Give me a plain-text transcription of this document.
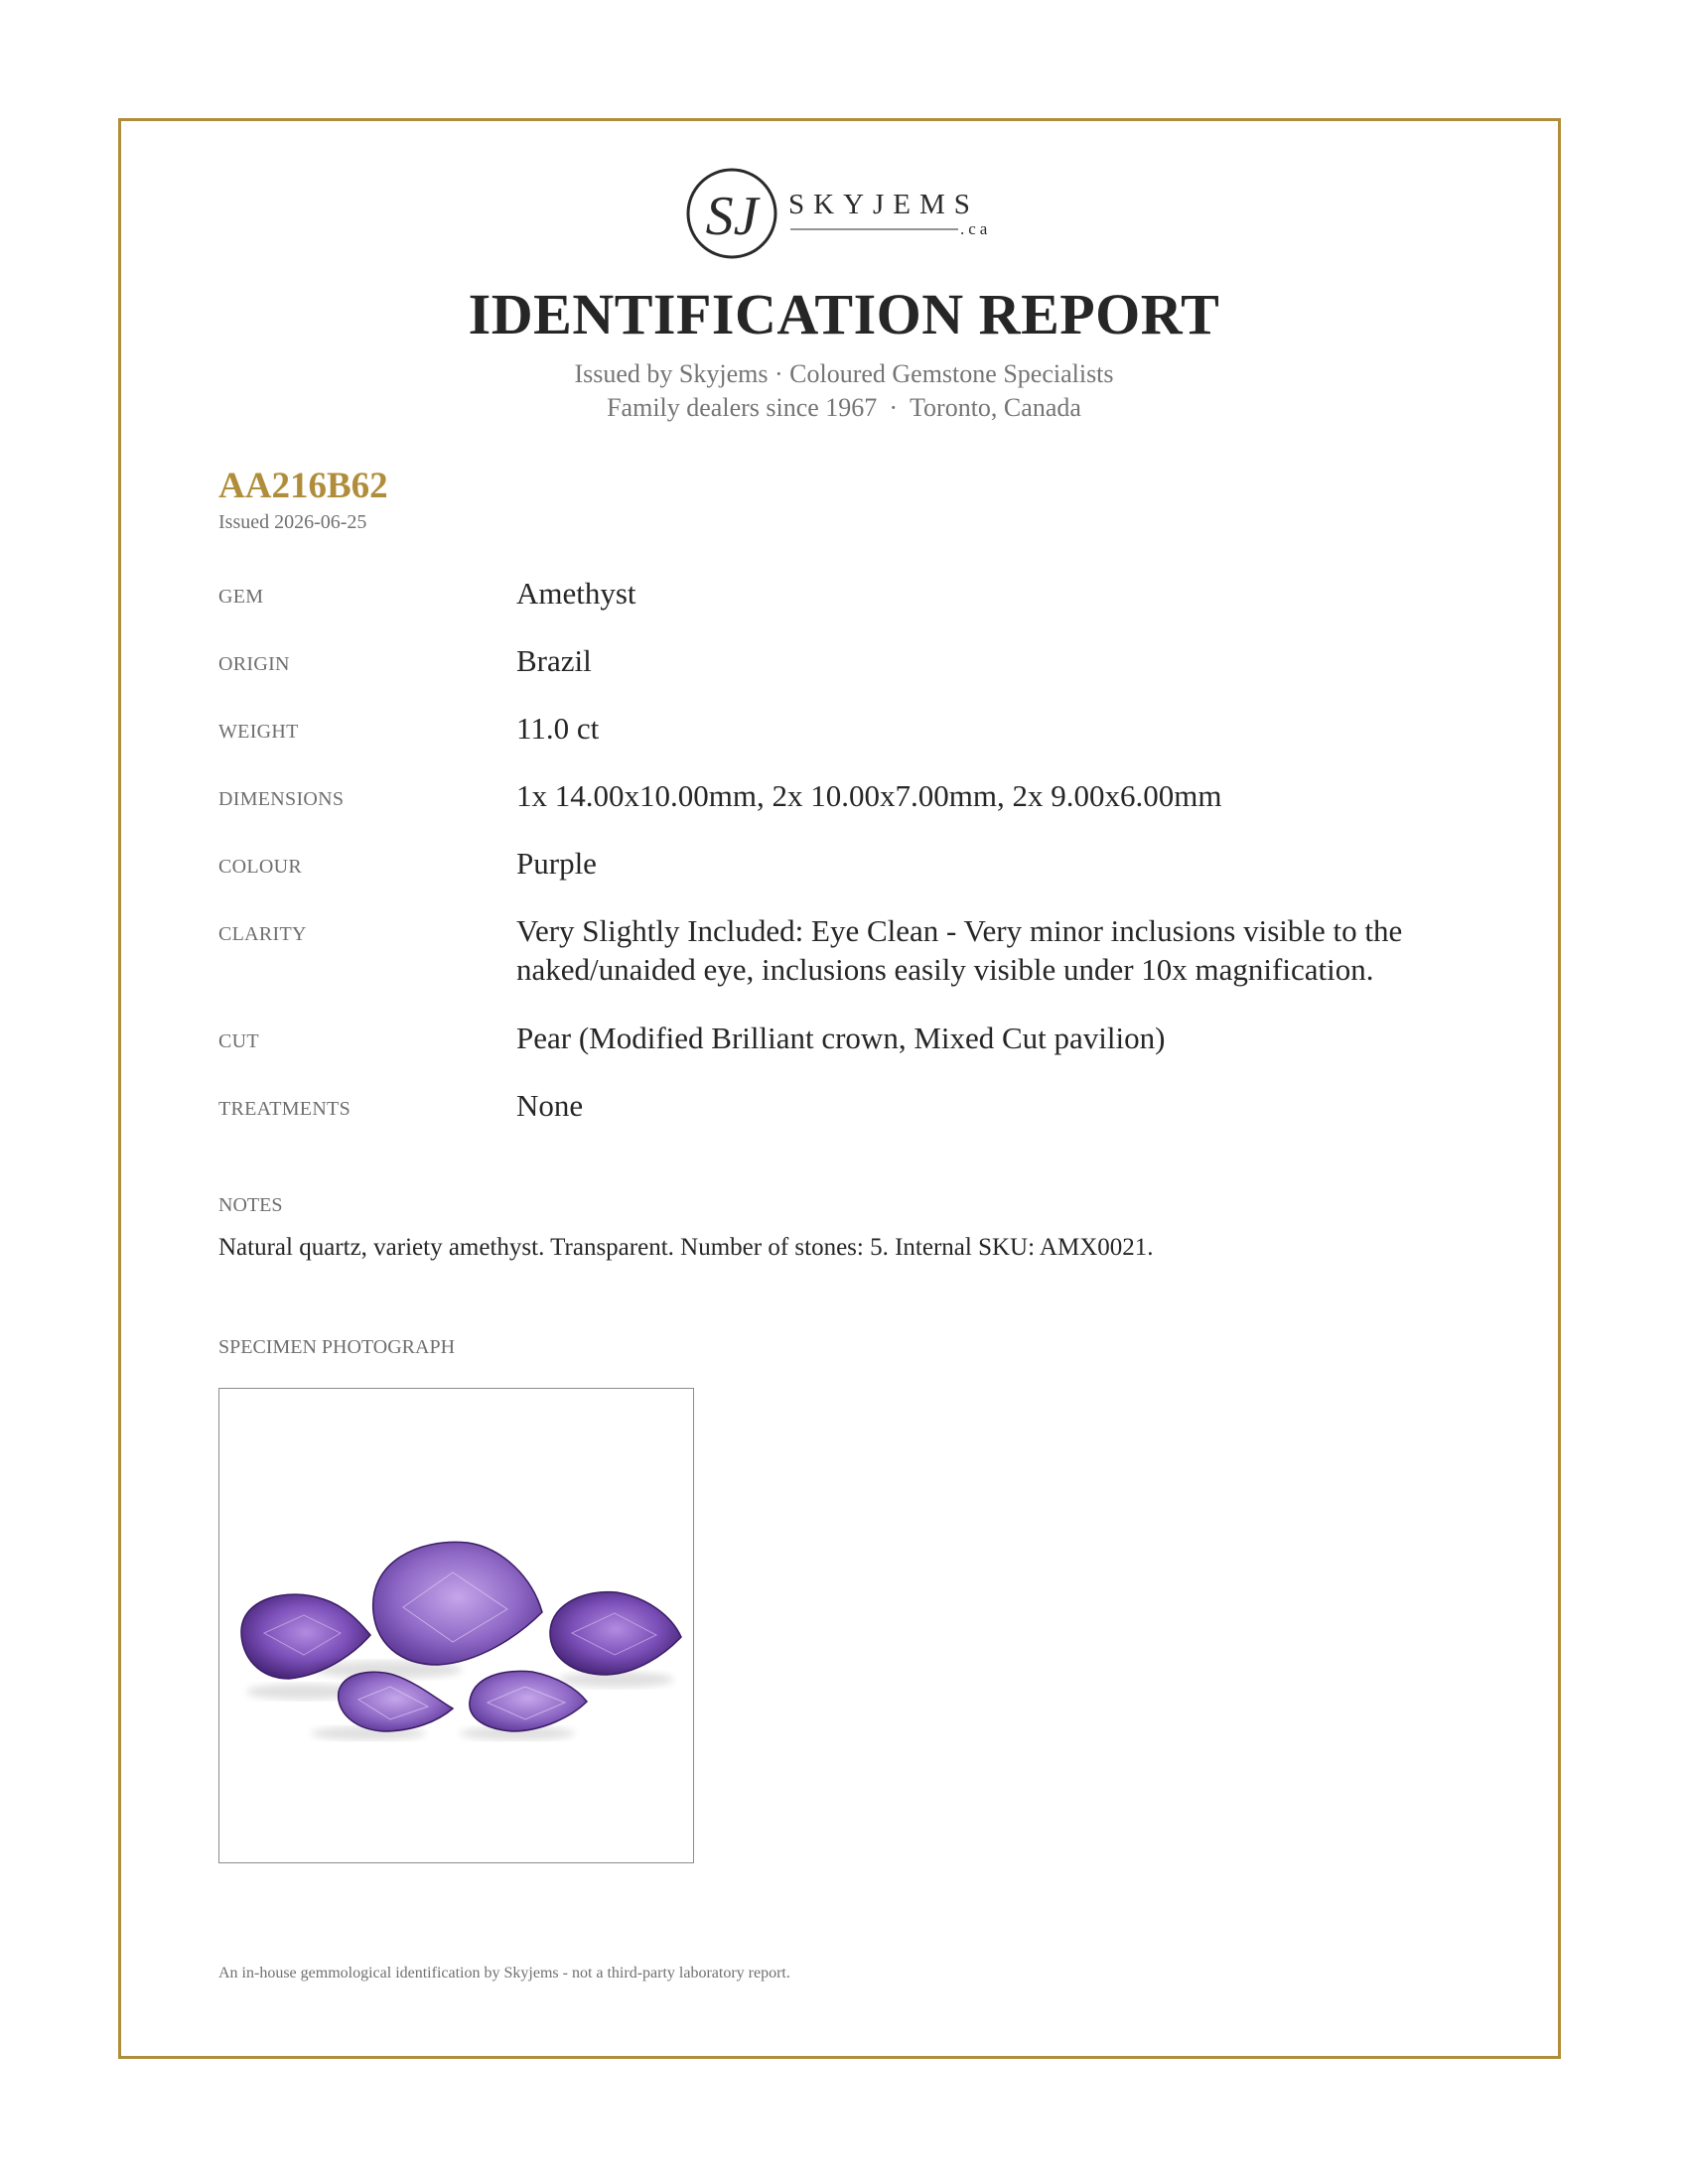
SJ SKYJEMS
.ca
IDENTIFICATION REPORT
Issued by Skyjems · Coloured Gemstone Specialists
Family dealers since 1967 · Toronto, Canada
AA216B62
Issued 2026-06-25
GEM	Amethyst
ORIGIN	Brazil
WEIGHT	11.0 ct
DIMENSIONS	1x 14.00x10.00mm, 2x 10.00x7.00mm, 2x 9.00x6.00mm
COLOUR	Purple
CLARITY	Very Slightly Included: Eye Clean - Very minor inclusions visible to the naked/unaided eye, inclusions easily visible under 10x magnification.
CUT	Pear (Modified Brilliant crown, Mixed Cut pavilion)
TREATMENTS	None
NOTES
Natural quartz, variety amethyst. Transparent. Number of stones: 5. Internal SKU: AMX0021.
SPECIMEN PHOTOGRAPH
An in-house gemmological identification by Skyjems - not a third-party laboratory report.
